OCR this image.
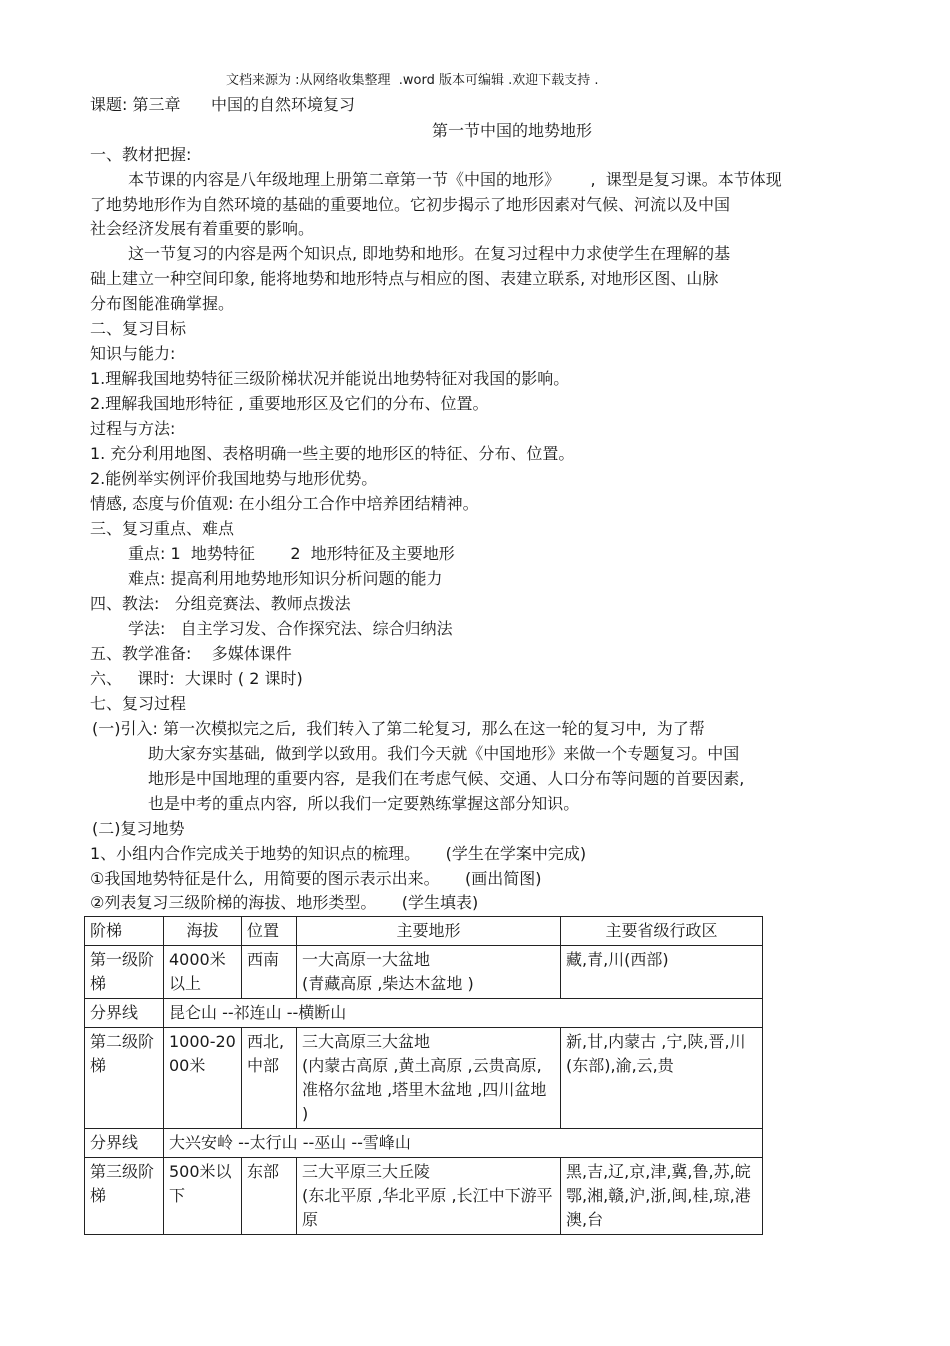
文档来源为 :从网络收集整理  .word 版本可编辑 .欢迎下载支持 .
课题: 第三章      中国的自然环境复习
第一节中国的地势地形
一、教材把握:
本节课的内容是八年级地理上册第二章第一节《中国的地形》      ,  课型是复习课。本节体现
了地势地形作为自然环境的基础的重要地位。它初步揭示了地形因素对气候、河流以及中国
社会经济发展有着重要的影响。
这一节复习的内容是两个知识点, 即地势和地形。在复习过程中力求使学生在理解的基
础上建立一种空间印象, 能将地势和地形特点与相应的图、表建立联系, 对地形区图、山脉
分布图能准确掌握。
二、复习目标
知识与能力:
1.理解我国地势特征三级阶梯状况并能说出地势特征对我国的影响。
2.理解我国地形特征 , 重要地形区及它们的分布、位置。
过程与方法:
1. 充分利用地图、表格明确一些主要的地形区的特征、分布、位置。
2.能例举实例评价我国地势与地形优势。
情感, 态度与价值观: 在小组分工合作中培养团结精神。
三、复习重点、难点
重点: 1  地势特征       2  地形特征及主要地形
难点: 提高利用地势地形知识分析问题的能力
四、教法:   分组竞赛法、教师点拨法
学法:   自主学习发、合作探究法、综合归纳法
五、教学准备:    多媒体课件
六、   课时:  大课时 ( 2 课时)
七、复习过程
(一)引入: 第一次模拟完之后,  我们转入了第二轮复习,  那么在这一轮的复习中,  为了帮
助大家夯实基础,  做到学以致用。我们今天就《中国地形》来做一个专题复习。中国
地形是中国地理的重要内容,  是我们在考虑气候、交通、人口分布等问题的首要因素,
也是中考的重点内容,  所以我们一定要熟练掌握这部分知识。
(二)复习地势
1、小组内合作完成关于地势的知识点的梳理。     (学生在学案中完成)
①我国地势特征是什么,  用简要的图示表示出来。     (画出简图)
②列表复习三级阶梯的海拔、地形类型。     (学生填表)
阶梯	海拔	位置	主要地形	主要省级行政区
第一级阶梯	4000米以上	西南	一大高原一大盆地
(青藏高原 ,柴达木盆地 )	藏,青,川(西部)
分界线	昆仑山 --祁连山 --横断山			
第二级阶梯	1000-2000米	西北,中部	三大高原三大盆地
(内蒙古高原 ,黄土高原 ,云贵高原,准格尔盆地 ,塔里木盆地 ,四川盆地 )	新,甘,内蒙古 ,宁,陕,晋,川(东部),渝,云,贵
分界线	大兴安岭 --太行山 --巫山 --雪峰山			
第三级阶梯	500米以下	东部	三大平原三大丘陵
(东北平原 ,华北平原 ,长江中下游平原	黑,吉,辽,京,津,冀,鲁,苏,皖鄂,湘,赣,沪,浙,闽,桂,琼,港澳,台
